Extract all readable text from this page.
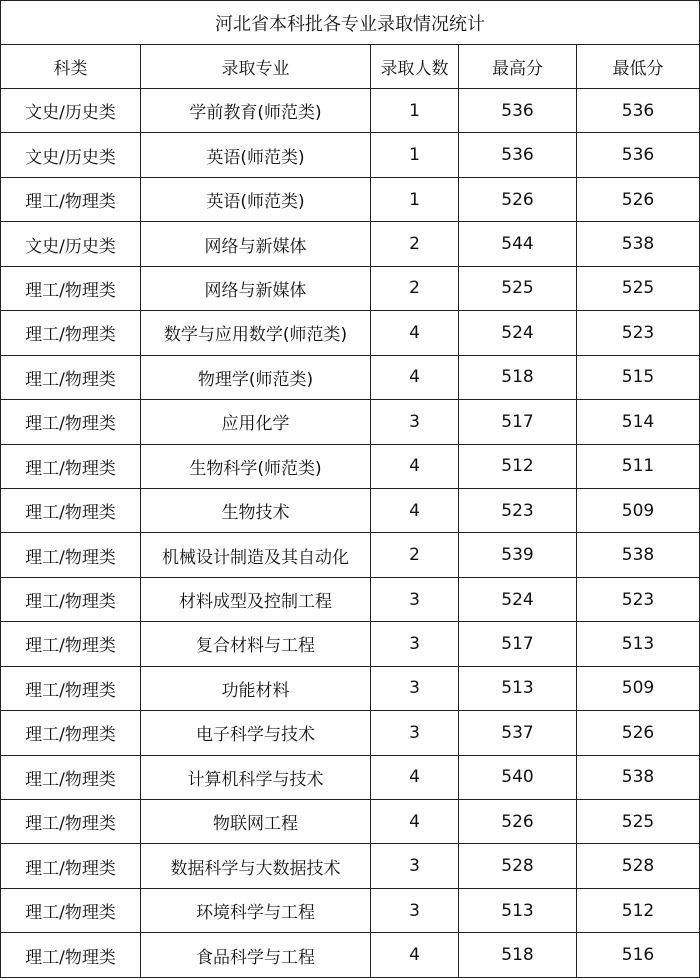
河北省本科批各专业录取情况统计				
科类	录取专业	录取人数	最高分	最低分
文史/历史类	学前教育(师范类)	1	536	536
文史/历史类	英语(师范类)	1	536	536
理工/物理类	英语(师范类)	1	526	526
文史/历史类	网络与新媒体	2	544	538
理工/物理类	网络与新媒体	2	525	525
理工/物理类	数学与应用数学(师范类)	4	524	523
理工/物理类	物理学(师范类)	4	518	515
理工/物理类	应用化学	3	517	514
理工/物理类	生物科学(师范类)	4	512	511
理工/物理类	生物技术	4	523	509
理工/物理类	机械设计制造及其自动化	2	539	538
理工/物理类	材料成型及控制工程	3	524	523
理工/物理类	复合材料与工程	3	517	513
理工/物理类	功能材料	3	513	509
理工/物理类	电子科学与技术	3	537	526
理工/物理类	计算机科学与技术	4	540	538
理工/物理类	物联网工程	4	526	525
理工/物理类	数据科学与大数据技术	3	528	528
理工/物理类	环境科学与工程	3	513	512
理工/物理类	食品科学与工程	4	518	516
